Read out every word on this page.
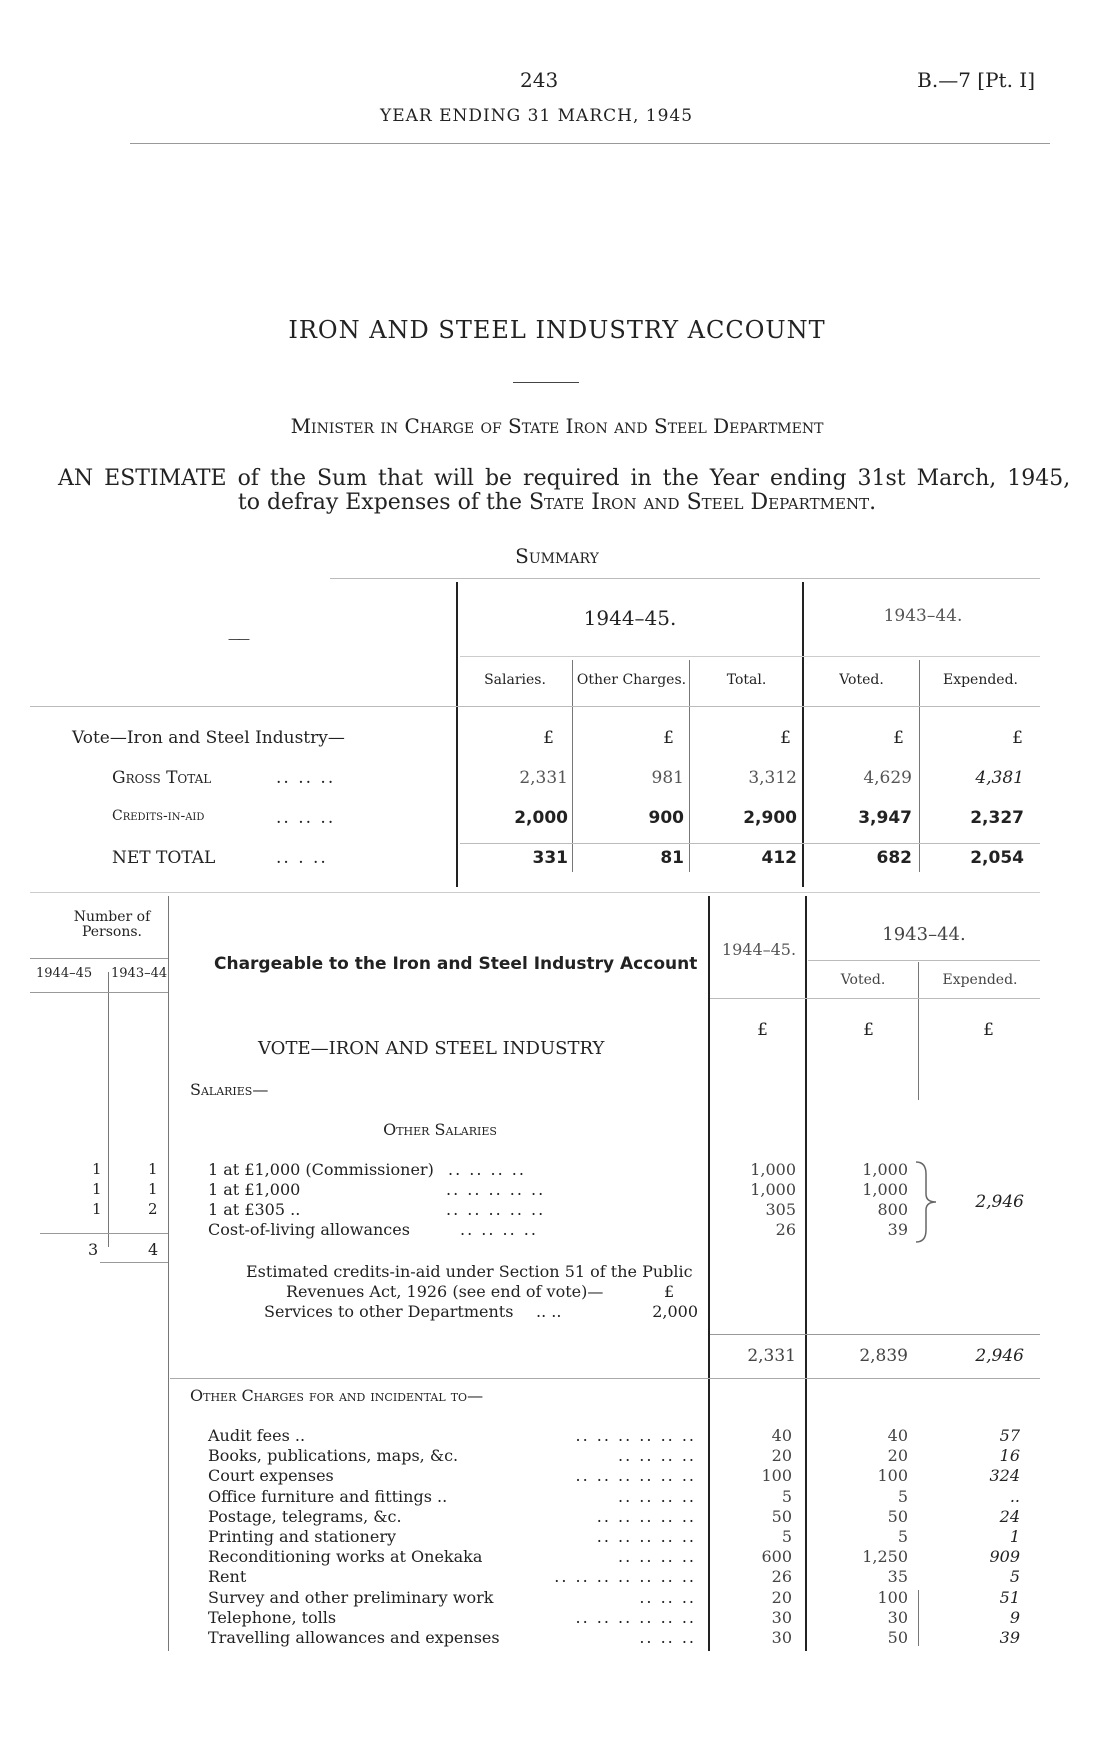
243	B.—7 [Pt. I]
YEAR ENDING 31 MARCH, 1945
IRON AND STEEL INDUSTRY ACCOUNT
Minister in Charge of State Iron and Steel Department
AN ESTIMATE of the Sum that will be required in the Year ending 31st March, 1945,
to defray Expenses of the State Iron and Steel Department.
Summary
——
1944–45.	1943–44.
Salaries.	Other Charges.	Total.	Voted.	Expended.
Vote—Iron and Steel Industry—	£	£	£	£	£
Gross Total	.. .. ..	2,331	981	3,312	4,629	4,381
Credits-in-aid	.. .. ..	2,000	900	2,900	3,947	2,327
NET TOTAL	.. . ..	331	81	412	682	2,054
Number of Persons.
1944–45 1943–44	Chargeable to the Iron and Steel Industry Account
1944–45.
1943–44.
Voted.	Expended.
£	£	£
VOTE—IRON AND STEEL INDUSTRY
Salaries—
Other Salaries
1	1	1 at £1,000 (Commissioner) .. .. .. ..	1,000	1,000
1	1	1 at £1,000	.. .. .. .. ..	1,000	1,000
1	2	1 at £305 ..	.. .. .. .. ..	305	800
Cost-of-living allowances	.. .. .. ..	26	39
2,946
3	4
Estimated credits-in-aid under Section 51 of the Public
Revenues Act, 1926 (see end of vote)—	£
Services to other Departments .. ..	2,000
2,331	2,839	2,946
Other Charges for and incidental to—
Audit fees ..	.. .. .. .. .. ..	40	40	57
Books, publications, maps, &c.	.. .. .. ..	20	20	16
Court expenses	.. .. .. .. .. ..	100	100	324
Office furniture and fittings ..	.. .. .. ..	5	5	..
Postage, telegrams, &c.	.. .. .. .. ..	50	50	24
Printing and stationery	.. .. .. .. ..	5	5	1
Reconditioning works at Onekaka	.. .. .. ..	600	1,250	909
Rent	.. .. .. .. .. .. ..	26	35	5
Survey and other preliminary work	.. .. ..	20	100	51
Telephone, tolls	.. .. .. .. .. ..	30	30	9
Travelling allowances and expenses	.. .. ..	30	50	39
